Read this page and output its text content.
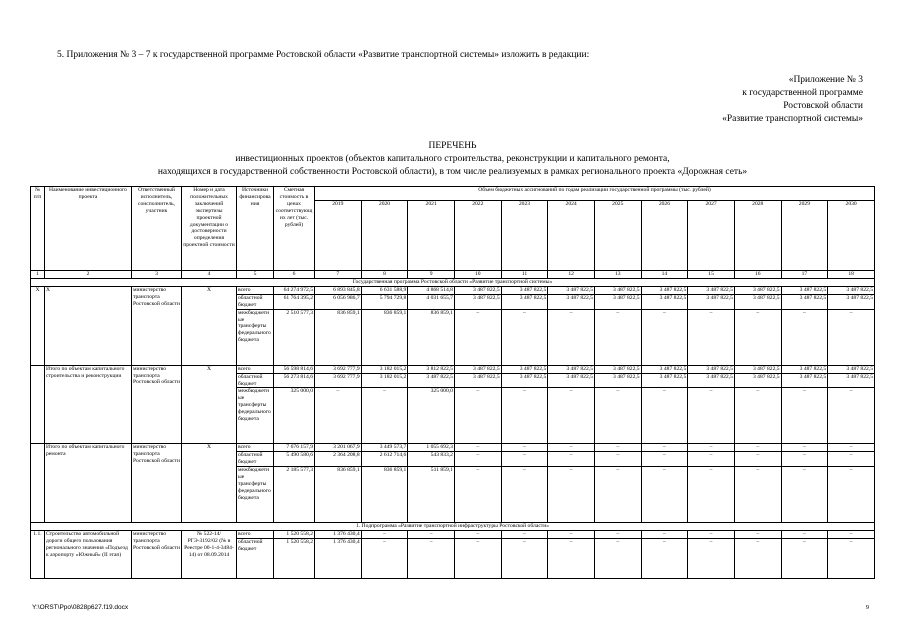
5. Приложения № 3 – 7 к государственной программе Ростовской области «Развитие транспортной системы» изложить в редакции:
«Приложение № 3
к государственной программе
Ростовской области
«Развитие транспортной системы»
ПЕРЕЧЕНЬ
инвестиционных проектов (объектов капитального строительства, реконструкции и капитального ремонта,
находящихся в государственной собственности Ростовской области), в том числе реализуемых в рамках регионального проекта «Дорожная сеть»
№ п/п	Наименование инвестиционного проекта	Ответственный исполнитель, соисполнитель, участник	Номер и дата положительных заключений экспертизы проектной документации о достоверности определения проектной стоимости	Источники финансирования	Сметная стоимость в ценах соответствующих лет (тыс. рублей)	Объем бюджетных ассигнований по годам реализации государственной программы (тыс. рублей)											
						2019	2020	2021	2022	2023	2024	2025	2026	2027	2028	2029	2030
1	2	3	4	5	6	7	8	9	10	11	12	13	14	15	16	17	18
Государственная программа Ростовской области «Развитие транспортной системы»																	
Х	Х	министерство транспорта Ростовской области	Х	всего	64 274 972,5	6 893 845,8	6 631 588,9	4 868 514,8	3 487 822,5	3 487 822,5	3 487 822,5	3 487 822,5	3 487 822,5	3 487 822,5	3 487 822,5	3 487 822,5	3 487 822,5
				областной бюджет	61 764 395,2	6 056 986,7	5 794 729,8	4 031 655,7	3 487 822,5	3 487 822,5	3 487 822,5	3 487 822,5	3 487 822,5	3 487 822,5	3 487 822,5	3 487 822,5	3 487 822,5
				межбюджетные трансферты федерального бюджета	2 510 577,3	836 859,1	836 859,1	836 859,1	–	–	–	–	–	–	–	–	–
	Итого по объектам капитального строительства и реконструкции	министерство транспорта Ростовской области	Х	всего	56 598 814,6	3 692 777,9	3 182 015,2	3 812 822,5	3 487 822,5	3 487 822,5	3 487 822,5	3 487 822,5	3 487 822,5	3 487 822,5	3 487 822,5	3 487 822,5	3 487 822,5
				областной бюджет	56 273 814,6	3 692 777,9	3 182 015,2	3 487 822,5	3 487 822,5	3 487 822,5	3 487 822,5	3 487 822,5	3 487 822,5	3 487 822,5	3 487 822,5	3 487 822,5	3 487 822,5
				межбюджетные трансферты федерального бюджета	325 000,0	–	–	325 000,0	–	–	–	–	–	–	–	–	–
	Итого по объектам капитального ремонта	министерство транспорта Ростовской области	Х	всего	7 676 157,9	3 201 067,9	3 449 573,7	1 055 692,3	–	–	–	–	–	–	–	–	–
				областной бюджет	5 490 580,6	2 364 208,8	2 612 714,6	543 833,2	–	–	–	–	–	–	–	–	–
				межбюджетные трансферты федерального бюджета	2 185 577,3	836 859,1	836 859,1	511 859,1	–	–	–	–	–	–	–	–	–
1. Подпрограмма «Развитие транспортной инфраструктуры Ростовской области»																	
1.1.	Строительство автомобильной дороги общего пользования регионального значения «Подъезд к аэропорту «Южный» (II этап)	министерство транспорта Ростовской области	№ 522-14/РГЭ-3192/02 (№ в Реестре 00-1-4-3484-14) от 08.09.2014	всего	1 520 558,2	1 376 430,4	–	–	–	–	–	–	–	–	–	–	–
				областной бюджет	1 520 558,2	1 376 430,4	–	–	–	–	–	–	–	–	–	–	–
Y:\ORST\Ppo\0828p627.f19.docx	9
